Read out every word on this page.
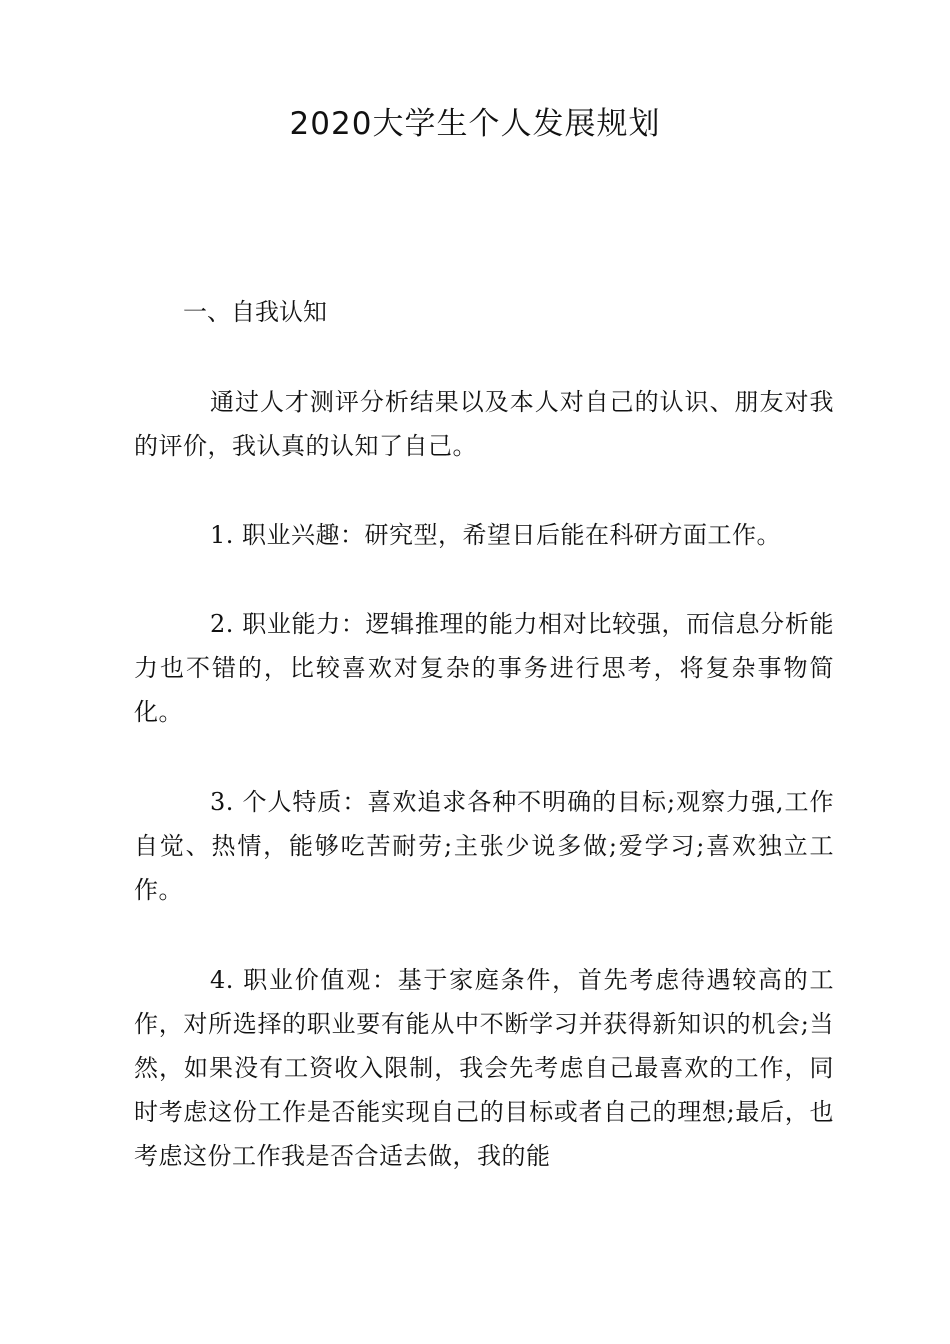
2020大学生个人发展规划
一、自我认知

通过人才测评分析结果以及本人对自己的认识、朋友对我的评价，我认真的认知了自己。

1. 职业兴趣：研究型，希望日后能在科研方面工作。

2. 职业能力：逻辑推理的能力相对比较强，而信息分析能力也不错的，比较喜欢对复杂的事务进行思考，将复杂事物简化。

3. 个人特质：喜欢追求各种不明确的目标;观察力强,工作自觉、热情，能够吃苦耐劳;主张少说多做;爱学习;喜欢独立工作。

4. 职业价值观：基于家庭条件，首先考虑待遇较高的工作，对所选择的职业要有能从中不断学习并获得新知识的机会;当然，如果没有工资收入限制，我会先考虑自己最喜欢的工作，同时考虑这份工作是否能实现自己的目标或者自己的理想;最后，也考虑这份工作我是否合适去做，我的能
